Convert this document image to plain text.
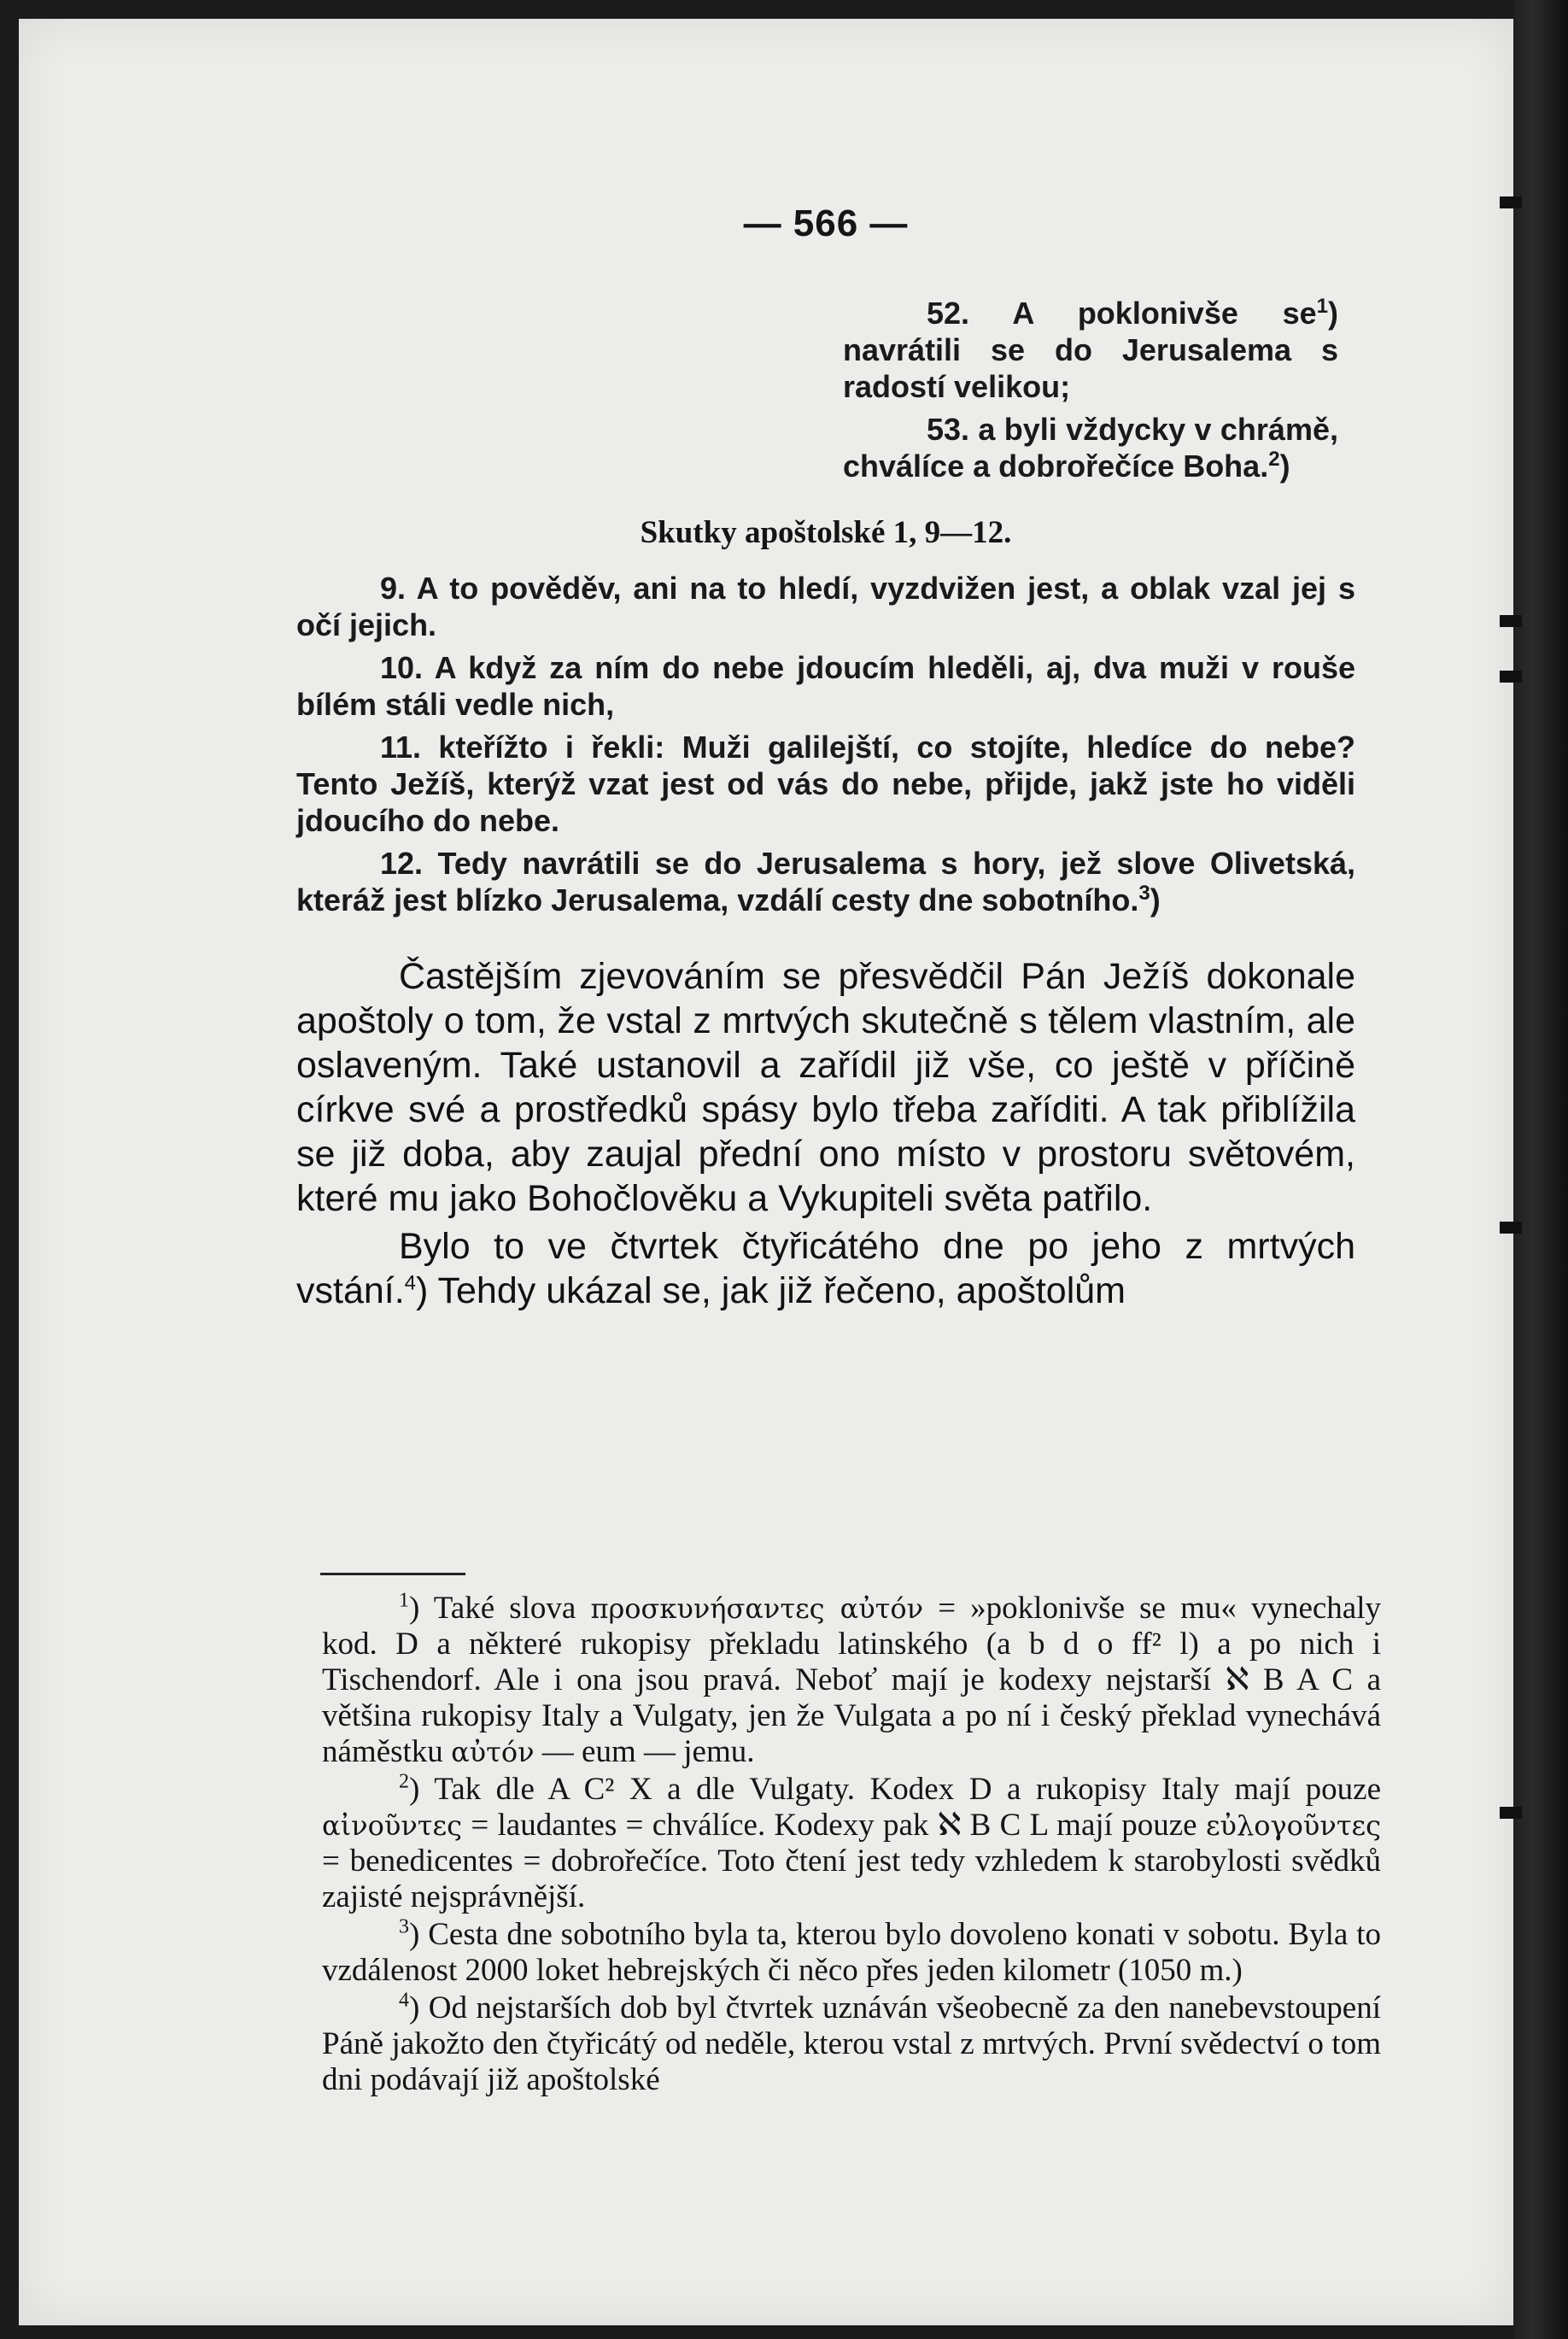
— 566 —

52. A poklonivše se$^1$) navrátili se do Jerusalema s radostí velikou;

53. a byli vždycky v chrámě, chválíce a dobrořečíce Boha.$^2$)

Skutky apoštolské 1, 9—12.

9. A to pověděv, ani na to hledí, vyzdvižen jest, a oblak vzal jej s očí jejich.

10. A když za ním do nebe jdoucím hleděli, aj, dva muži v rouše bílém stáli vedle nich,

11. kteřížto i řekli: Muži galilejští, co stojíte, hledíce do nebe? Tento Ježíš, kterýž vzat jest od vás do nebe, přijde, jakž jste ho viděli jdoucího do nebe.

12. Tedy navrátili se do Jerusalema s hory, jež slove Olivetská, kteráž jest blízko Jerusalema, vzdálí cesty dne sobotního.$^3$)

Častějším zjevováním se přesvědčil Pán Ježíš dokonale apoštoly o tom, že vstal z mrtvých skutečně s tělem vlastním, ale oslaveným. Také ustanovil a zařídil již vše, co ještě v příčině církve své a prostředků spásy bylo třeba zaříditi. A tak přiblížila se již doba, aby zaujal přední ono místo v prostoru světovém, které mu jako Bohočlověku a Vykupiteli světa patřilo.

Bylo to ve čtvrtek čtyřicátého dne po jeho z mrtvých vstání.$^4$) Tehdy ukázal se, jak již řečeno, apoštolům

$^1$) Také slova προσκυνήσαντες αὐτόν = »poklonivše se mu« vynechaly kod. D a některé rukopisy překladu latinského (a b d o ff² l) a po nich i Tischendorf. Ale i ona jsou pravá. Neboť mají je kodexy nejstarší ℵ B A C a většina rukopisy Italy a Vulgaty, jen že Vulgata a po ní i český překlad vynechává náměstku αὐτόν — eum — jemu.

$^2$) Tak dle A C² X a dle Vulgaty. Kodex D a rukopisy Italy mají pouze αἰνοῦντες = laudantes = chválíce. Kodexy pak ℵ B C L mají pouze εὐλογοῦντες = benedicentes = dobrořečíce. Toto čtení jest tedy vzhledem k starobylosti svědků zajisté nejsprávnější.

$^3$) Cesta dne sobotního byla ta, kterou bylo dovoleno konati v sobotu. Byla to vzdálenost 2000 loket hebrejských či něco přes jeden kilometr (1050 m.)

$^4$) Od nejstarších dob byl čtvrtek uznáván všeobecně za den nanebevstoupení Páně jakožto den čtyřicátý od neděle, kterou vstal z mrtvých. První svědectví o tom dni podávají již apoštolské
